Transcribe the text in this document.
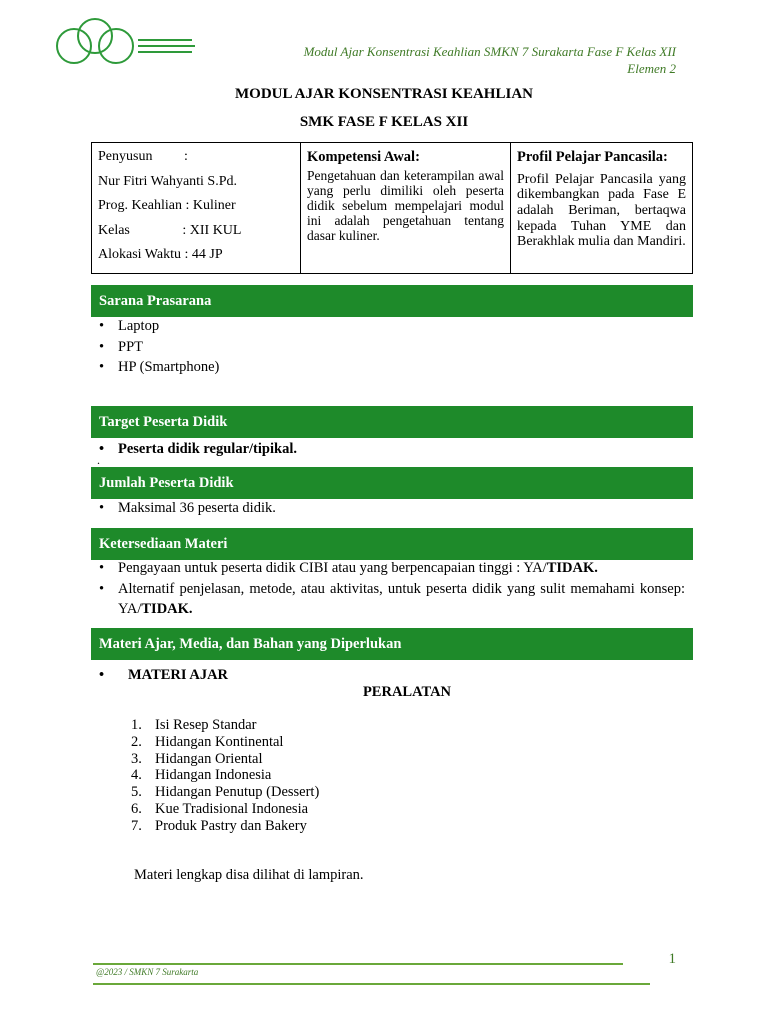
Modul Ajar Konsentrasi Keahlian SMKN 7 Surakarta Fase F Kelas XII
Elemen 2
MODUL AJAR KONSENTRASI KEAHLIAN
SMK FASE F KELAS XII
Penyusun         :
Nur Fitri Wahyanti S.Pd.
Prog. Keahlian : Kuliner
Kelas               : XII KUL
Alokasi Waktu : 44 JP
Kompetensi Awal:
Pengetahuan dan keterampilan awal yang perlu dimiliki oleh peserta didik sebelum mempelajari modul ini adalah pengetahuan tentang dasar kuliner.
Profil Pelajar Pancasila:
Profil Pelajar Pancasila yang dikembangkan pada Fase E adalah Beriman, bertaqwa kepada Tuhan YME dan Berakhlak mulia dan Mandiri.
Sarana Prasarana
• Laptop
• PPT
• HP (Smartphone)
Target Peserta Didik
• Peserta didik regular/tipikal.
.
Jumlah Peserta Didik
• Maksimal 36 peserta didik.
Ketersediaan Materi
• Pengayaan untuk peserta didik CIBI atau yang berpencapaian tinggi : YA/TIDAK.
• Alternatif penjelasan, metode, atau aktivitas, untuk peserta didik yang sulit memahami konsep: YA/TIDAK.
Materi Ajar, Media, dan Bahan yang Diperlukan
• MATERI AJAR
PERALATAN
1. Isi Resep Standar
2. Hidangan Kontinental
3. Hidangan Oriental
4. Hidangan Indonesia
5. Hidangan Penutup (Dessert)
6. Kue Tradisional Indonesia
7. Produk Pastry dan Bakery
Materi lengkap disa dilihat di lampiran.
1
@2023 / SMKN 7 Surakarta
